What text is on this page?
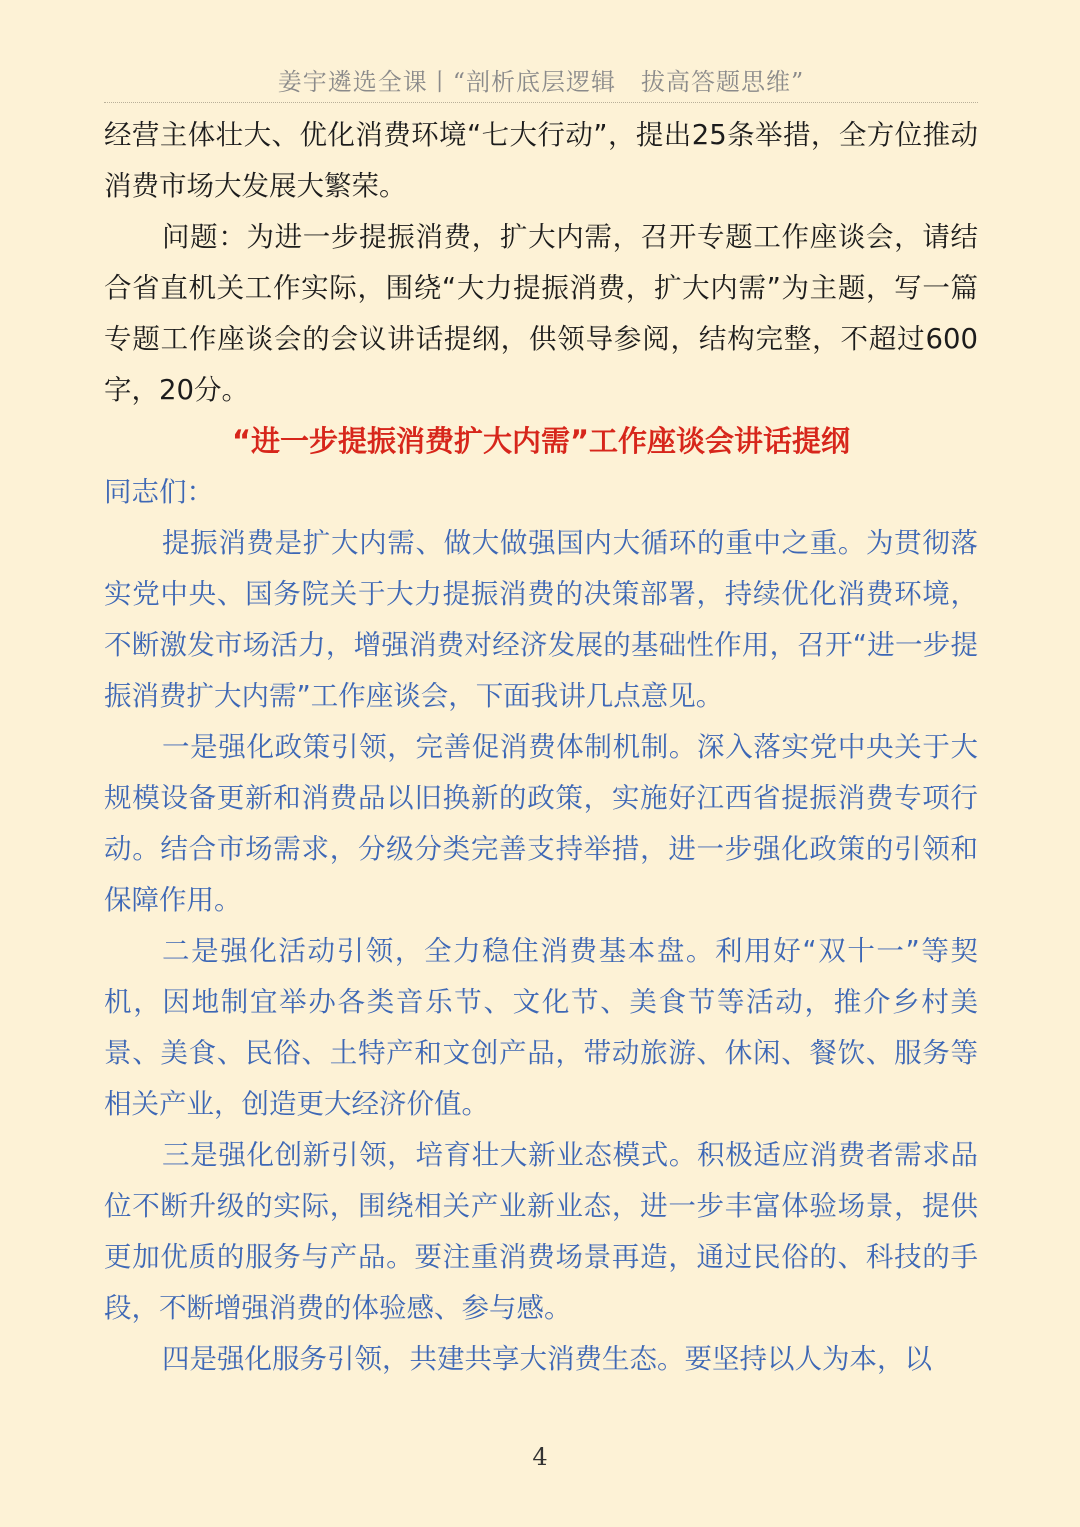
姜宇遴选全课丨“剖析底层逻辑　拔高答题思维”

经营主体壮大、优化消费环境“七大行动”，提出25条举措，全方位推动消费市场大发展大繁荣。

问题：为进一步提振消费，扩大内需，召开专题工作座谈会，请结合省直机关工作实际，围绕“大力提振消费，扩大内需”为主题，写一篇专题工作座谈会的会议讲话提纲，供领导参阅，结构完整，不超过600字，20分。

“进一步提振消费扩大内需”工作座谈会讲话提纲

同志们：

提振消费是扩大内需、做大做强国内大循环的重中之重。为贯彻落实党中央、国务院关于大力提振消费的决策部署，持续优化消费环境，不断激发市场活力，增强消费对经济发展的基础性作用，召开“进一步提振消费扩大内需”工作座谈会，下面我讲几点意见。

一是强化政策引领，完善促消费体制机制。深入落实党中央关于大规模设备更新和消费品以旧换新的政策，实施好江西省提振消费专项行动。结合市场需求，分级分类完善支持举措，进一步强化政策的引领和保障作用。

二是强化活动引领，全力稳住消费基本盘。利用好“双十一”等契机，因地制宜举办各类音乐节、文化节、美食节等活动，推介乡村美景、美食、民俗、土特产和文创产品，带动旅游、休闲、餐饮、服务等相关产业，创造更大经济价值。

三是强化创新引领，培育壮大新业态模式。积极适应消费者需求品位不断升级的实际，围绕相关产业新业态，进一步丰富体验场景，提供更加优质的服务与产品。要注重消费场景再造，通过民俗的、科技的手段，不断增强消费的体验感、参与感。

四是强化服务引领，共建共享大消费生态。要坚持以人为本，以

4
